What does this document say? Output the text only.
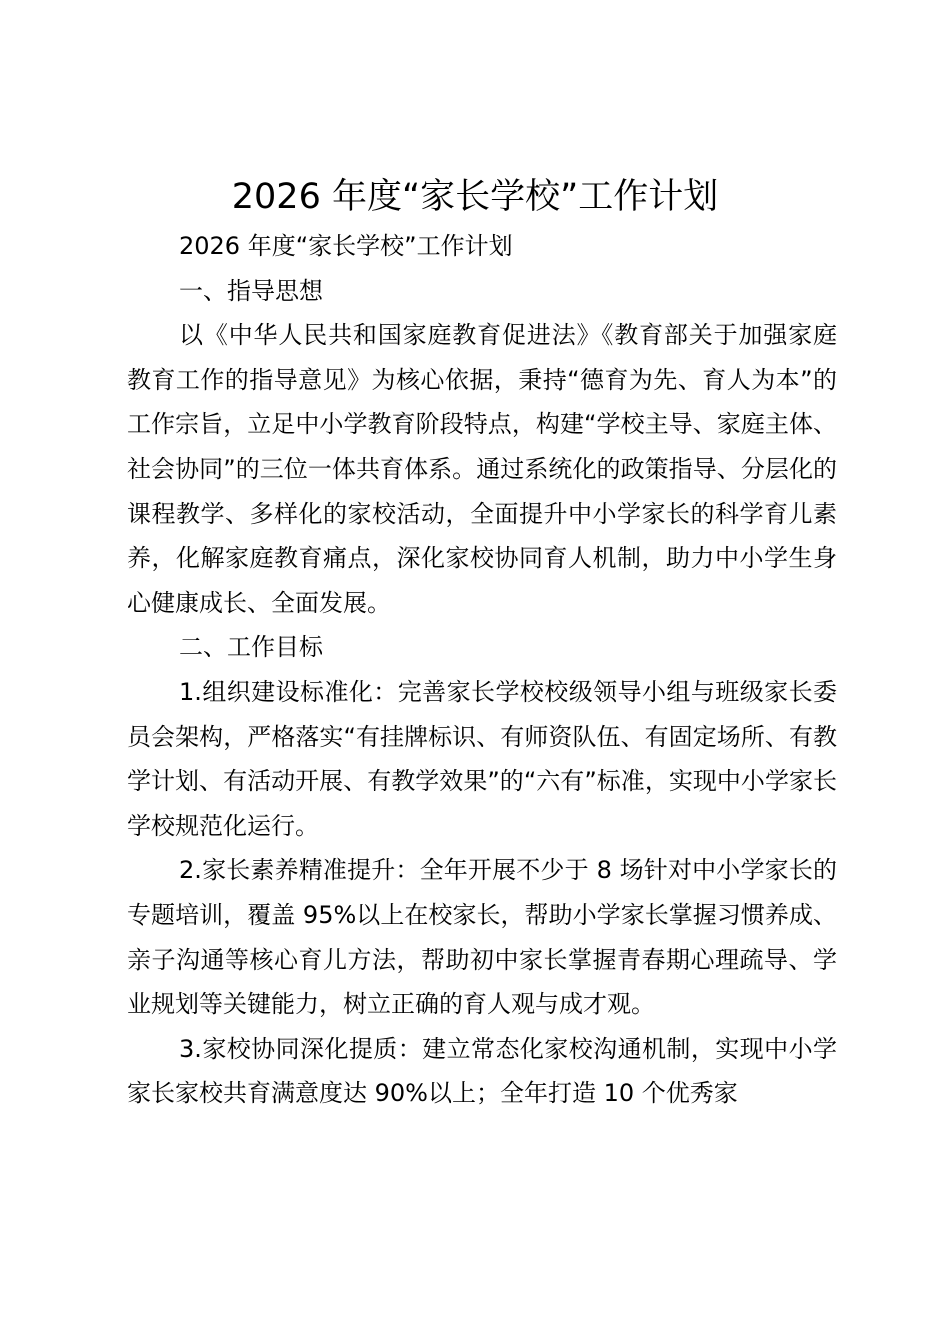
2026 年度“家长学校”工作计划

2026 年度“家长学校”工作计划

一、指导思想

以《中华人民共和国家庭教育促进法》《教育部关于加强家庭教育工作的指导意见》为核心依据，秉持“德育为先、育人为本”的工作宗旨，立足中小学教育阶段特点，构建“学校主导、家庭主体、社会协同”的三位一体共育体系。通过系统化的政策指导、分层化的课程教学、多样化的家校活动，全面提升中小学家长的科学育儿素养，化解家庭教育痛点，深化家校协同育人机制，助力中小学生身心健康成长、全面发展。

二、工作目标

1.组织建设标准化：完善家长学校校级领导小组与班级家长委员会架构，严格落实“有挂牌标识、有师资队伍、有固定场所、有教学计划、有活动开展、有教学效果”的“六有”标准，实现中小学家长学校规范化运行。

2.家长素养精准提升：全年开展不少于 8 场针对中小学家长的专题培训，覆盖 95%以上在校家长，帮助小学家长掌握习惯养成、亲子沟通等核心育儿方法，帮助初中家长掌握青春期心理疏导、学业规划等关键能力，树立正确的育人观与成才观。

3.家校协同深化提质：建立常态化家校沟通机制，实现中小学家长家校共育满意度达 90%以上；全年打造 10 个优秀家
